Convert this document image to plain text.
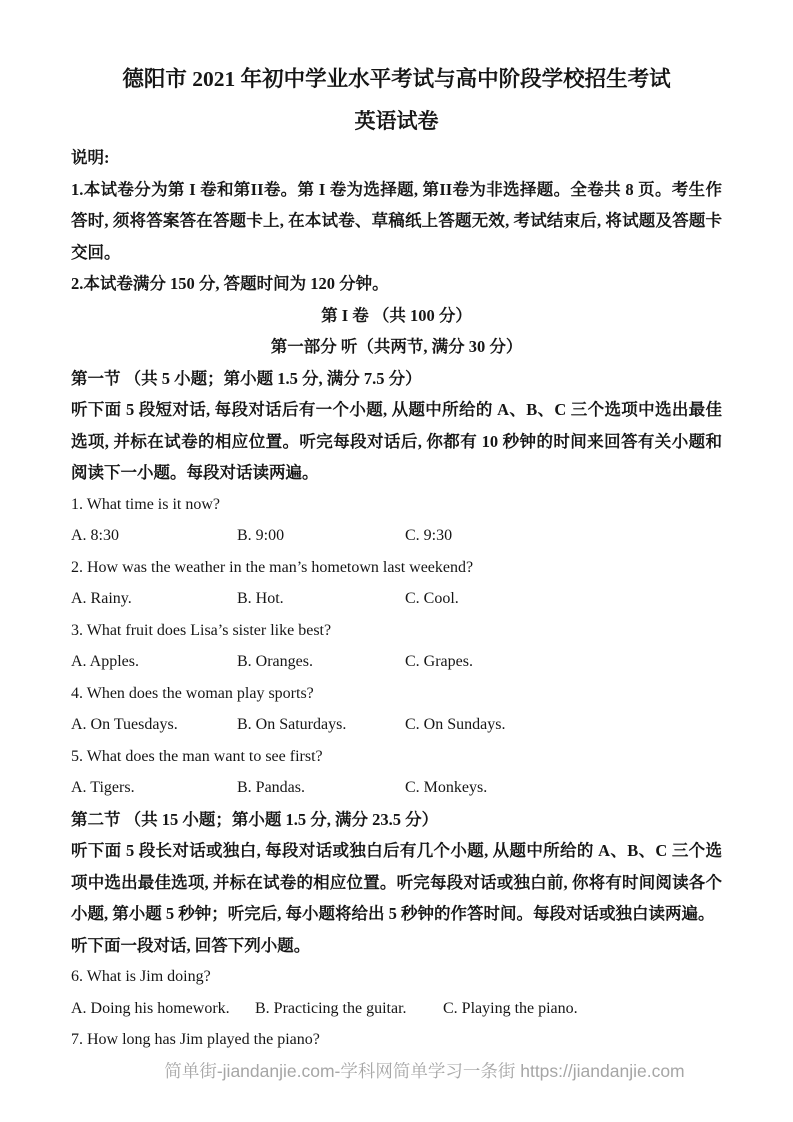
德阳市 2021 年初中学业水平考试与高中阶段学校招生考试
英语试卷
说明:
1.本试卷分为第 I 卷和第II卷。第 I 卷为选择题, 第II卷为非选择题。全卷共 8 页。考生作答时, 须将答案答在答题卡上, 在本试卷、草稿纸上答题无效, 考试结束后, 将试题及答题卡交回。
2.本试卷满分 150 分, 答题时间为 120 分钟。
第 I 卷 （共 100 分）
第一部分 听（共两节, 满分 30 分）
第一节 （共 5 小题；第小题 1.5 分, 满分 7.5 分）
听下面 5 段短对话, 每段对话后有一个小题, 从题中所给的 A、B、C 三个选项中选出最佳选项, 并标在试卷的相应位置。听完每段对话后, 你都有 10 秒钟的时间来回答有关小题和阅读下一小题。每段对话读两遍。
1. What time is it now?
A. 8:30	B. 9:00	C. 9:30
2. How was the weather in the man’s hometown last weekend?
A. Rainy.	B. Hot.	C. Cool.
3. What fruit does Lisa’s sister like best?
A. Apples.	B. Oranges.	C. Grapes.
4. When does the woman play sports?
A. On Tuesdays.	B. On Saturdays.	C. On Sundays.
5. What does the man want to see first?
A. Tigers.	B. Pandas.	C. Monkeys.
第二节 （共 15 小题；第小题 1.5 分, 满分 23.5 分）
听下面 5 段长对话或独白, 每段对话或独白后有几个小题, 从题中所给的 A、B、C 三个选项中选出最佳选项, 并标在试卷的相应位置。听完每段对话或独白前, 你将有时间阅读各个小题, 第小题 5 秒钟；听完后, 每小题将给出 5 秒钟的作答时间。每段对话或独白读两遍。
听下面一段对话, 回答下列小题。
6. What is Jim doing?
A. Doing his homework.	B. Practicing the guitar.	C. Playing the piano.
7. How long has Jim played the piano?
简单街-jiandanjie.com-学科网简单学习一条街 https://jiandanjie.com
